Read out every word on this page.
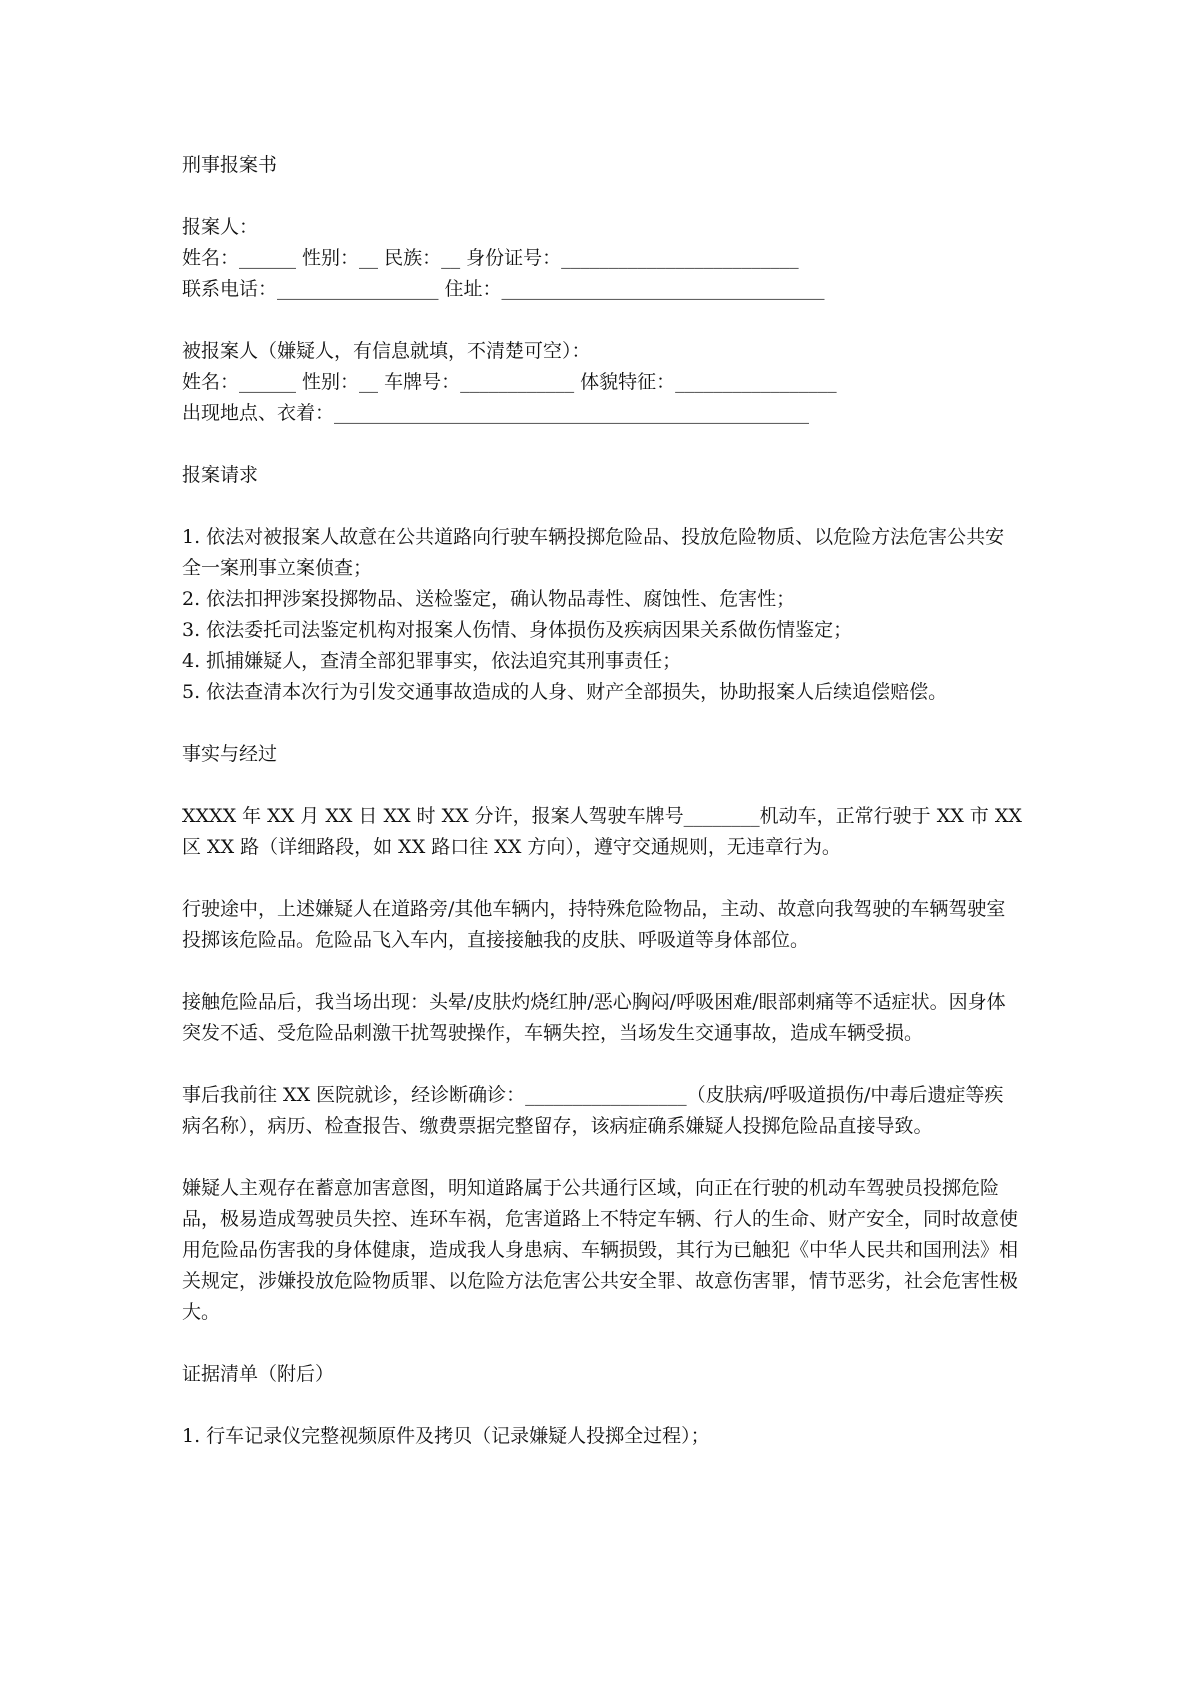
刑事报案书

报案人：

姓名：______ 性别：__ 民族：__ 身份证号：_________________________

联系电话：_________________ 住址：__________________________________

被报案人（嫌疑人，有信息就填，不清楚可空）：

姓名：______ 性别：__ 车牌号：____________ 体貌特征：_________________

出现地点、衣着：__________________________________________________

报案请求

1. 依法对被报案人故意在公共道路向行驶车辆投掷危险品、投放危险物质、以危险方法危害公共安全一案刑事立案侦查；

2. 依法扣押涉案投掷物品、送检鉴定，确认物品毒性、腐蚀性、危害性；

3. 依法委托司法鉴定机构对报案人伤情、身体损伤及疾病因果关系做伤情鉴定；

4. 抓捕嫌疑人，查清全部犯罪事实，依法追究其刑事责任；

5. 依法查清本次行为引发交通事故造成的人身、财产全部损失，协助报案人后续追偿赔偿。

事实与经过

XXXX 年 XX 月 XX 日 XX 时 XX 分许，报案人驾驶车牌号________机动车，正常行驶于 XX 市 XX 区 XX 路（详细路段，如 XX 路口往 XX 方向），遵守交通规则，无违章行为。

行驶途中，上述嫌疑人在道路旁/其他车辆内，持特殊危险物品，主动、故意向我驾驶的车辆驾驶室投掷该危险品。危险品飞入车内，直接接触我的皮肤、呼吸道等身体部位。

接触危险品后，我当场出现：头晕/皮肤灼烧红肿/恶心胸闷/呼吸困难/眼部刺痛等不适症状。因身体突发不适、受危险品刺激干扰驾驶操作，车辆失控，当场发生交通事故，造成车辆受损。

事后我前往 XX 医院就诊，经诊断确诊：_________________（皮肤病/呼吸道损伤/中毒后遗症等疾病名称），病历、检查报告、缴费票据完整留存，该病症确系嫌疑人投掷危险品直接导致。

嫌疑人主观存在蓄意加害意图，明知道路属于公共通行区域，向正在行驶的机动车驾驶员投掷危险品，极易造成驾驶员失控、连环车祸，危害道路上不特定车辆、行人的生命、财产安全，同时故意使用危险品伤害我的身体健康，造成我人身患病、车辆损毁，其行为已触犯《中华人民共和国刑法》相关规定，涉嫌投放危险物质罪、以危险方法危害公共安全罪、故意伤害罪，情节恶劣，社会危害性极大。

证据清单（附后）

1. 行车记录仪完整视频原件及拷贝（记录嫌疑人投掷全过程）；
